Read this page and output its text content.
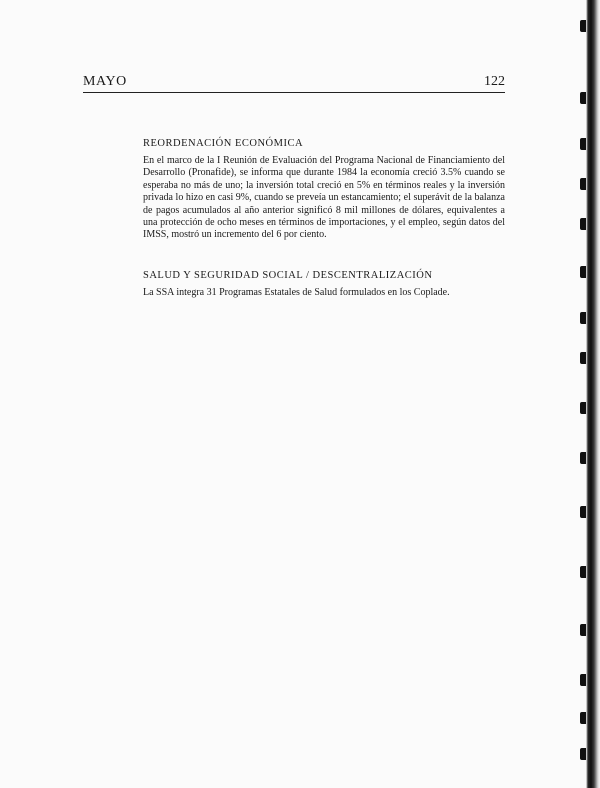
MAYO	122
REORDENACIÓN ECONÓMICA

En el marco de la I Reunión de Evaluación del Programa Nacional de Financiamiento del Desarrollo (Pronafide), se informa que durante 1984 la economía creció 3.5% cuando se esperaba no más de uno; la inversión total creció en 5% en términos reales y la inversión privada lo hizo en casi 9%, cuando se preveía un estancamiento; el superávit de la balanza de pagos acumulados al año anterior significó 8 mil millones de dólares, equivalentes a una protección de ocho meses en términos de importaciones, y el empleo, según datos del IMSS, mostró un incremento del 6 por ciento.

SALUD Y SEGURIDAD SOCIAL / DESCENTRALIZACIÓN

La SSA integra 31 Programas Estatales de Salud formulados en los Coplade.
